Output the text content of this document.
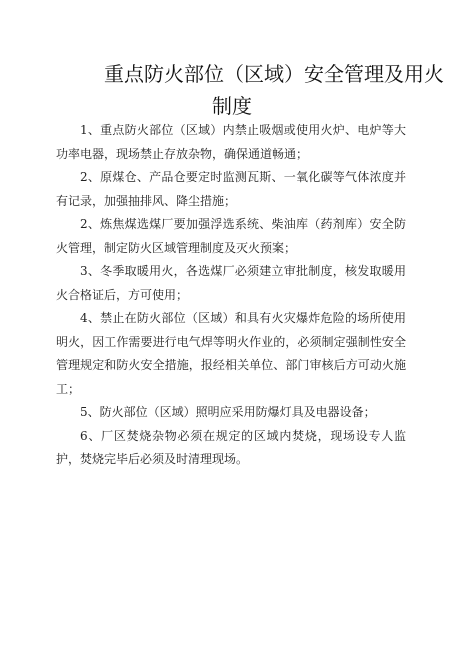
重点防火部位（区域）安全管理及用火
制度

1、重点防火部位（区域）内禁止吸烟或使用火炉、电炉等大功率电器，现场禁止存放杂物，确保通道畅通；

2、原煤仓、产品仓要定时监测瓦斯、一氧化碳等气体浓度并有记录，加强抽排风、降尘措施；

2、炼焦煤选煤厂要加强浮选系统、柴油库（药剂库）安全防火管理，制定防火区域管理制度及灭火预案；

3、冬季取暖用火，各选煤厂必须建立审批制度，核发取暖用火合格证后，方可使用；

4、禁止在防火部位（区域）和具有火灾爆炸危险的场所使用明火，因工作需要进行电气焊等明火作业的，必须制定强制性安全管理规定和防火安全措施，报经相关单位、部门审核后方可动火施工；

5、防火部位（区域）照明应采用防爆灯具及电器设备；

6、厂区焚烧杂物必须在规定的区域内焚烧，现场设专人监护，焚烧完毕后必须及时清理现场。
